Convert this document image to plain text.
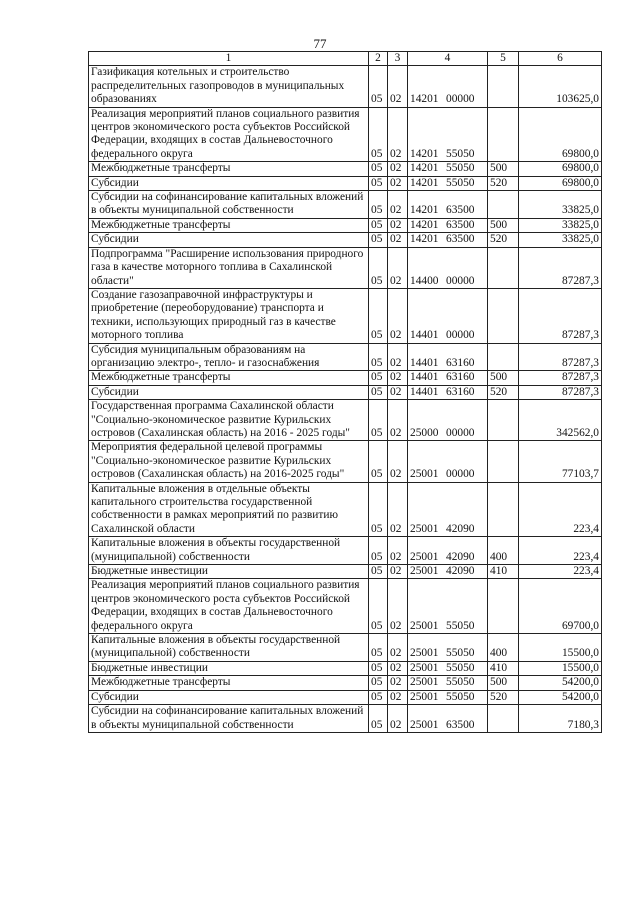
77
1	2	3	4	5	6
Газификация котельных и строительство распределительных газопроводов в муниципальных образованиях	05	02	14201 00000		103625,0
Реализация мероприятий планов социального развития центров экономического роста субъектов Российской Федерации, входящих в состав Дальневосточного федерального округа	05	02	14201 55050		69800,0
Межбюджетные трансферты	05	02	14201 55050	500	69800,0
Субсидии	05	02	14201 55050	520	69800,0
Субсидии на софинансирование капитальных вложений в объекты муниципальной собственности	05	02	14201 63500		33825,0
Межбюджетные трансферты	05	02	14201 63500	500	33825,0
Субсидии	05	02	14201 63500	520	33825,0
Подпрограмма "Расширение использования природного газа в качестве моторного топлива в Сахалинской области"	05	02	14400 00000		87287,3
Создание газозаправочной инфраструктуры и приобретение (переоборудование) транспорта и техники, использующих природный газ в качестве моторного топлива	05	02	14401 00000		87287,3
Субсидия муниципальным образованиям на организацию электро-, тепло- и газоснабжения	05	02	14401 63160		87287,3
Межбюджетные трансферты	05	02	14401 63160	500	87287,3
Субсидии	05	02	14401 63160	520	87287,3
Государственная программа Сахалинской области "Социально-экономическое развитие Курильских островов (Сахалинская область) на 2016 - 2025 годы"	05	02	25000 00000		342562,0
Мероприятия федеральной целевой программы "Социально-экономическое развитие Курильских островов (Сахалинская область) на 2016-2025 годы"	05	02	25001 00000		77103,7
Капитальные вложения в отдельные объекты капитального строительства государственной собственности в рамках мероприятий по развитию Сахалинской области	05	02	25001 42090		223,4
Капитальные вложения в объекты государственной (муниципальной) собственности	05	02	25001 42090	400	223,4
Бюджетные инвестиции	05	02	25001 42090	410	223,4
Реализация мероприятий планов социального развития центров экономического роста субъектов Российской Федерации, входящих в состав Дальневосточного федерального округа	05	02	25001 55050		69700,0
Капитальные вложения в объекты государственной (муниципальной) собственности	05	02	25001 55050	400	15500,0
Бюджетные инвестиции	05	02	25001 55050	410	15500,0
Межбюджетные трансферты	05	02	25001 55050	500	54200,0
Субсидии	05	02	25001 55050	520	54200,0
Субсидии на софинансирование капитальных вложений в объекты муниципальной собственности	05	02	25001 63500		7180,3
